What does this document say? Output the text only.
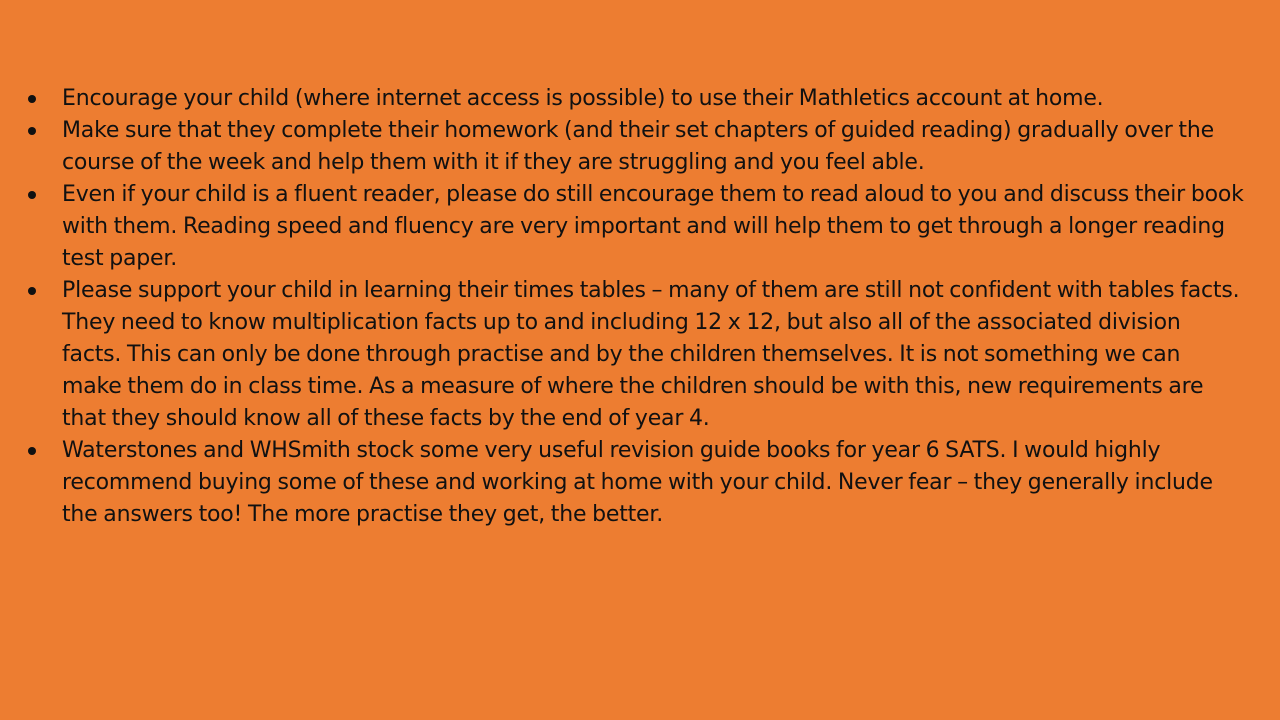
Encourage your child (where internet access is possible) to use their Mathletics account at home.
Make sure that they complete their homework (and their set chapters of guided reading) gradually over the course of the week and help them with it if they are struggling and you feel able.
Even if your child is a fluent reader, please do still encourage them to read aloud to you and discuss their book with them. Reading speed and fluency are very important and will help them to get through a longer reading test paper.
Please support your child in learning their times tables – many of them are still not confident with tables facts. They need to know multiplication facts up to and including 12 x 12, but also all of the associated division facts. This can only be done through practise and by the children themselves. It is not something we can make them do in class time. As a measure of where the children should be with this, new requirements are that they should know all of these facts by the end of year 4.
Waterstones and WHSmith stock some very useful revision guide books for year 6 SATS. I would highly recommend buying some of these and working at home with your child. Never fear – they generally include the answers too! The more practise they get, the better.
